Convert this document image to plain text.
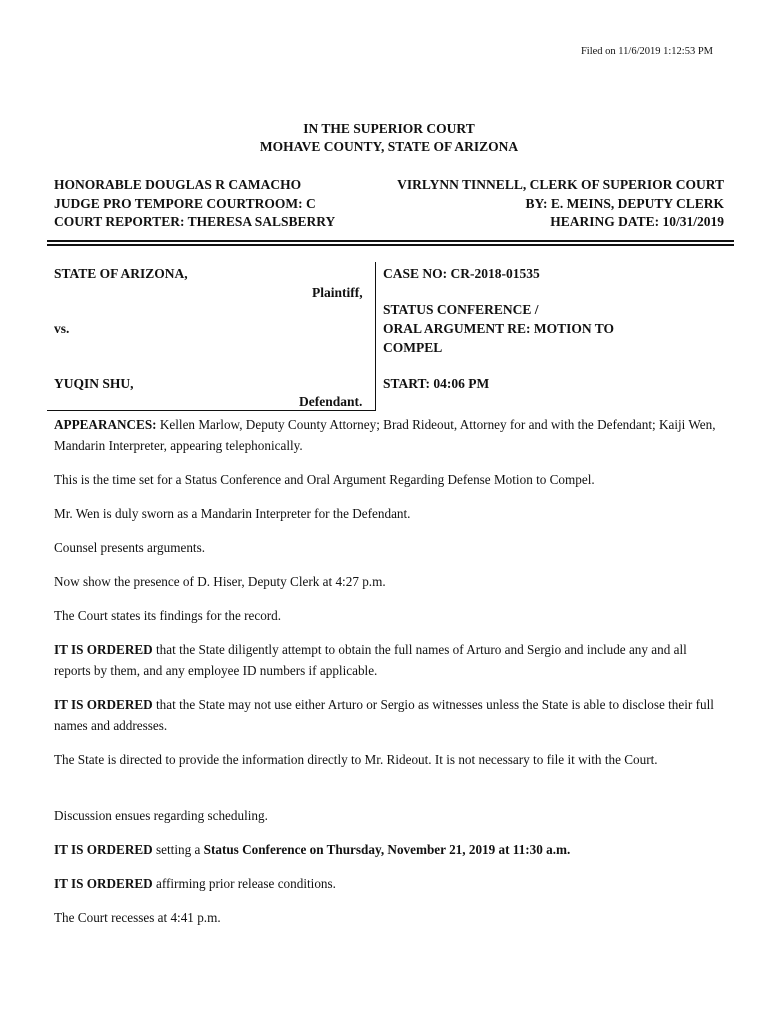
Filed on 11/6/2019 1:12:53 PM
IN THE SUPERIOR COURT
MOHAVE COUNTY, STATE OF ARIZONA
HONORABLE DOUGLAS R CAMACHO
JUDGE PRO TEMPORE COURTROOM: C
COURT REPORTER: THERESA SALSBERRY
VIRLYNN TINNELL, CLERK OF SUPERIOR COURT
BY: E. MEINS, DEPUTY CLERK
HEARING DATE: 10/31/2019
STATE OF ARIZONA,
Plaintiff,
vs.
YUQIN SHU,
Defendant.
CASE NO: CR-2018-01535
STATUS CONFERENCE /
ORAL ARGUMENT RE: MOTION TO
COMPEL
START: 04:06 PM
APPEARANCES: Kellen Marlow, Deputy County Attorney; Brad Rideout, Attorney for and with the Defendant; Kaiji Wen, Mandarin Interpreter, appearing telephonically.
This is the time set for a Status Conference and Oral Argument Regarding Defense Motion to Compel.
Mr. Wen is duly sworn as a Mandarin Interpreter for the Defendant.
Counsel presents arguments.
Now show the presence of D. Hiser, Deputy Clerk at 4:27 p.m.
The Court states its findings for the record.
IT IS ORDERED that the State diligently attempt to obtain the full names of Arturo and Sergio and include any and all reports by them, and any employee ID numbers if applicable.
IT IS ORDERED that the State may not use either Arturo or Sergio as witnesses unless the State is able to disclose their full names and addresses.
The State is directed to provide the information directly to Mr. Rideout. It is not necessary to file it with the Court.
Discussion ensues regarding scheduling.
IT IS ORDERED setting a Status Conference on Thursday, November 21, 2019 at 11:30 a.m.
IT IS ORDERED affirming prior release conditions.
The Court recesses at 4:41 p.m.
